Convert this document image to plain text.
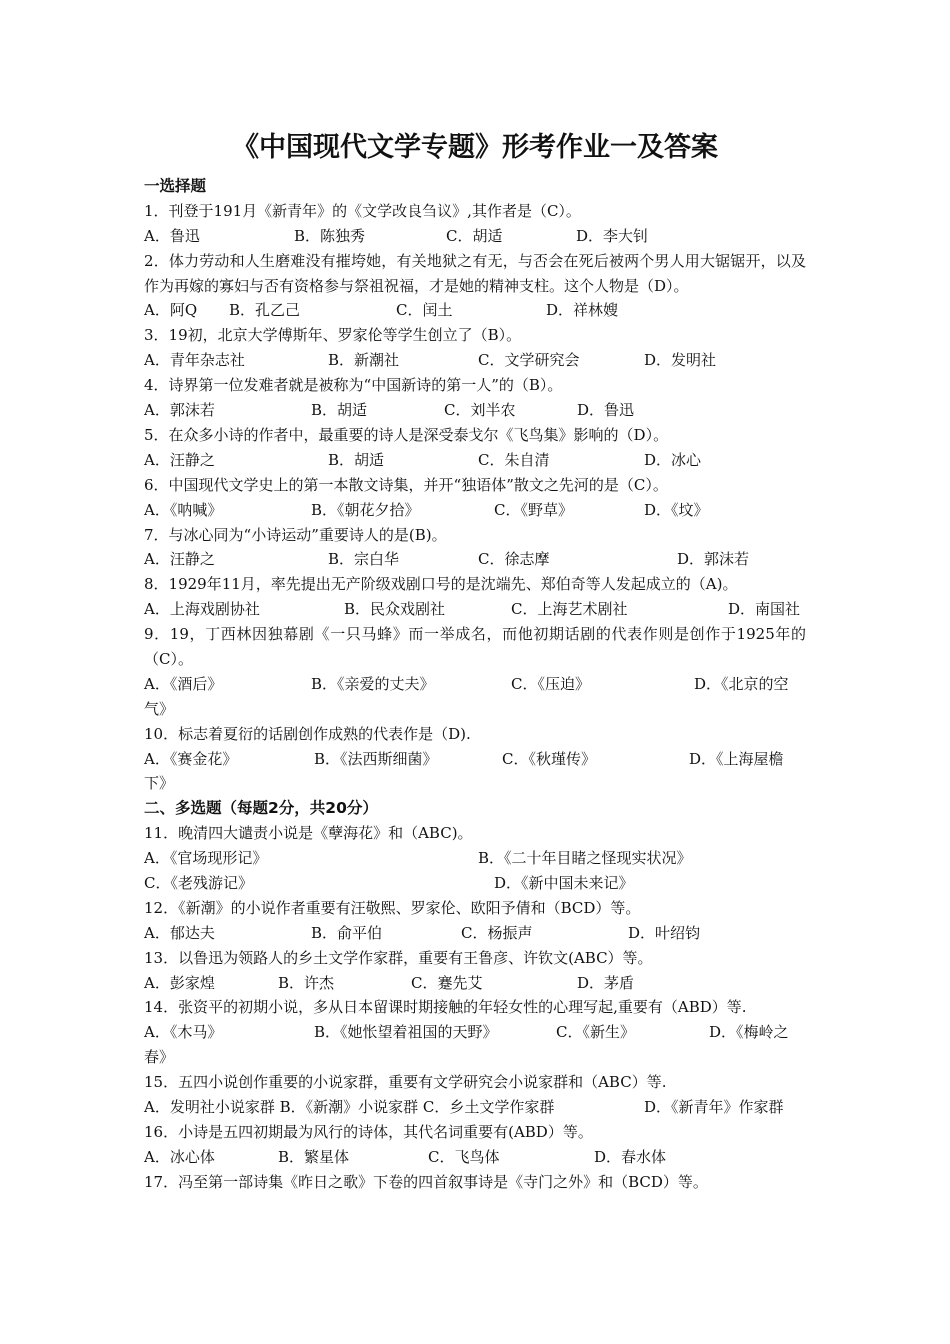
《中国现代文学专题》形考作业一及答案

一选择题

1．刊登于191月《新青年》的《文学改良刍议》,其作者是（C）。

A．鲁迅	B．陈独秀	C．胡适	D．李大钊

2．体力劳动和人生磨难没有摧垮她，有关地狱之有无，与否会在死后被两个男人用大锯锯开，以及作为再嫁的寡妇与否有资格参与祭祖祝福，才是她的精神支柱。这个人物是（D）。

A．阿Q B．孔乙己	C．闰土	D．祥林嫂

3．19初，北京大学傅斯年、罗家伦等学生创立了（B）。

A．青年杂志社	B．新潮社	C．文学研究会	D．发明社

4．诗界第一位发难者就是被称为“中国新诗的第一人”的（B）。

A．郭沫若	B．胡适	C．刘半农	D．鲁迅

5．在众多小诗的作者中，最重要的诗人是深受泰戈尔《飞鸟集》影响的（D）。

A．汪静之	B．胡适	C．朱自清	D．冰心

6．中国现代文学史上的第一本散文诗集，并开“独语体”散文之先河的是（C）。

A．《呐喊》	B．《朝花夕拾》	C．《野草》	D．《坟》

7．与冰心同为“小诗运动”重要诗人的是(B)。

A．汪静之	B．宗白华	C．徐志摩	D．郭沫若

8．1929年11月，率先提出无产阶级戏剧口号的是沈端先、郑伯奇等人发起成立的（A)。

A．上海戏剧协社	B．民众戏剧社	C．上海艺术剧社	D．南国社

9．19，丁西林因独幕剧《一只马蜂》而一举成名，而他初期话剧的代表作则是创作于1925年的（C）。

A．《酒后》	B．《亲爱的丈夫》	C．《压迫》	D．《北京的空

气》

10．标志着夏衍的话剧创作成熟的代表作是（D).

A．《赛金花》	B．《法西斯细菌》	C．《秋瑾传》	D．《上海屋檐

下》

二、多选题（每题2分，共20分）

11．晚清四大谴责小说是《孽海花》和（ABC)。

A．《官场现形记》	B．《二十年目睹之怪现实状况》
C．《老残游记》	D．《新中国未来记》

12．《新潮》的小说作者重要有汪敬熙、罗家伦、欧阳予倩和（BCD）等。

A．郁达夫	B．俞平伯	C．杨振声	D．叶绍钧

13．以鲁迅为领路人的乡土文学作家群，重要有王鲁彦、许钦文(ABC）等。

A．彭家煌	B．许杰	C．蹇先艾	D．茅盾

14．张资平的初期小说，多从日本留课时期接触的年轻女性的心理写起,重要有（ABD）等.

A．《木马》	B．《她怅望着祖国的天野》	C．《新生》	D．《梅岭之

春》

15．五四小说创作重要的小说家群，重要有文学研究会小说家群和（ABC）等.

A．发明社小说家群 B．《新潮》小说家群 C．乡土文学作家群	D．《新青年》作家群

16．小诗是五四初期最为风行的诗体，其代名词重要有(ABD）等。

A．冰心体	B．繁星体	C．飞鸟体	D．春水体

17．冯至第一部诗集《昨日之歌》下卷的四首叙事诗是《寺门之外》和（BCD）等。
